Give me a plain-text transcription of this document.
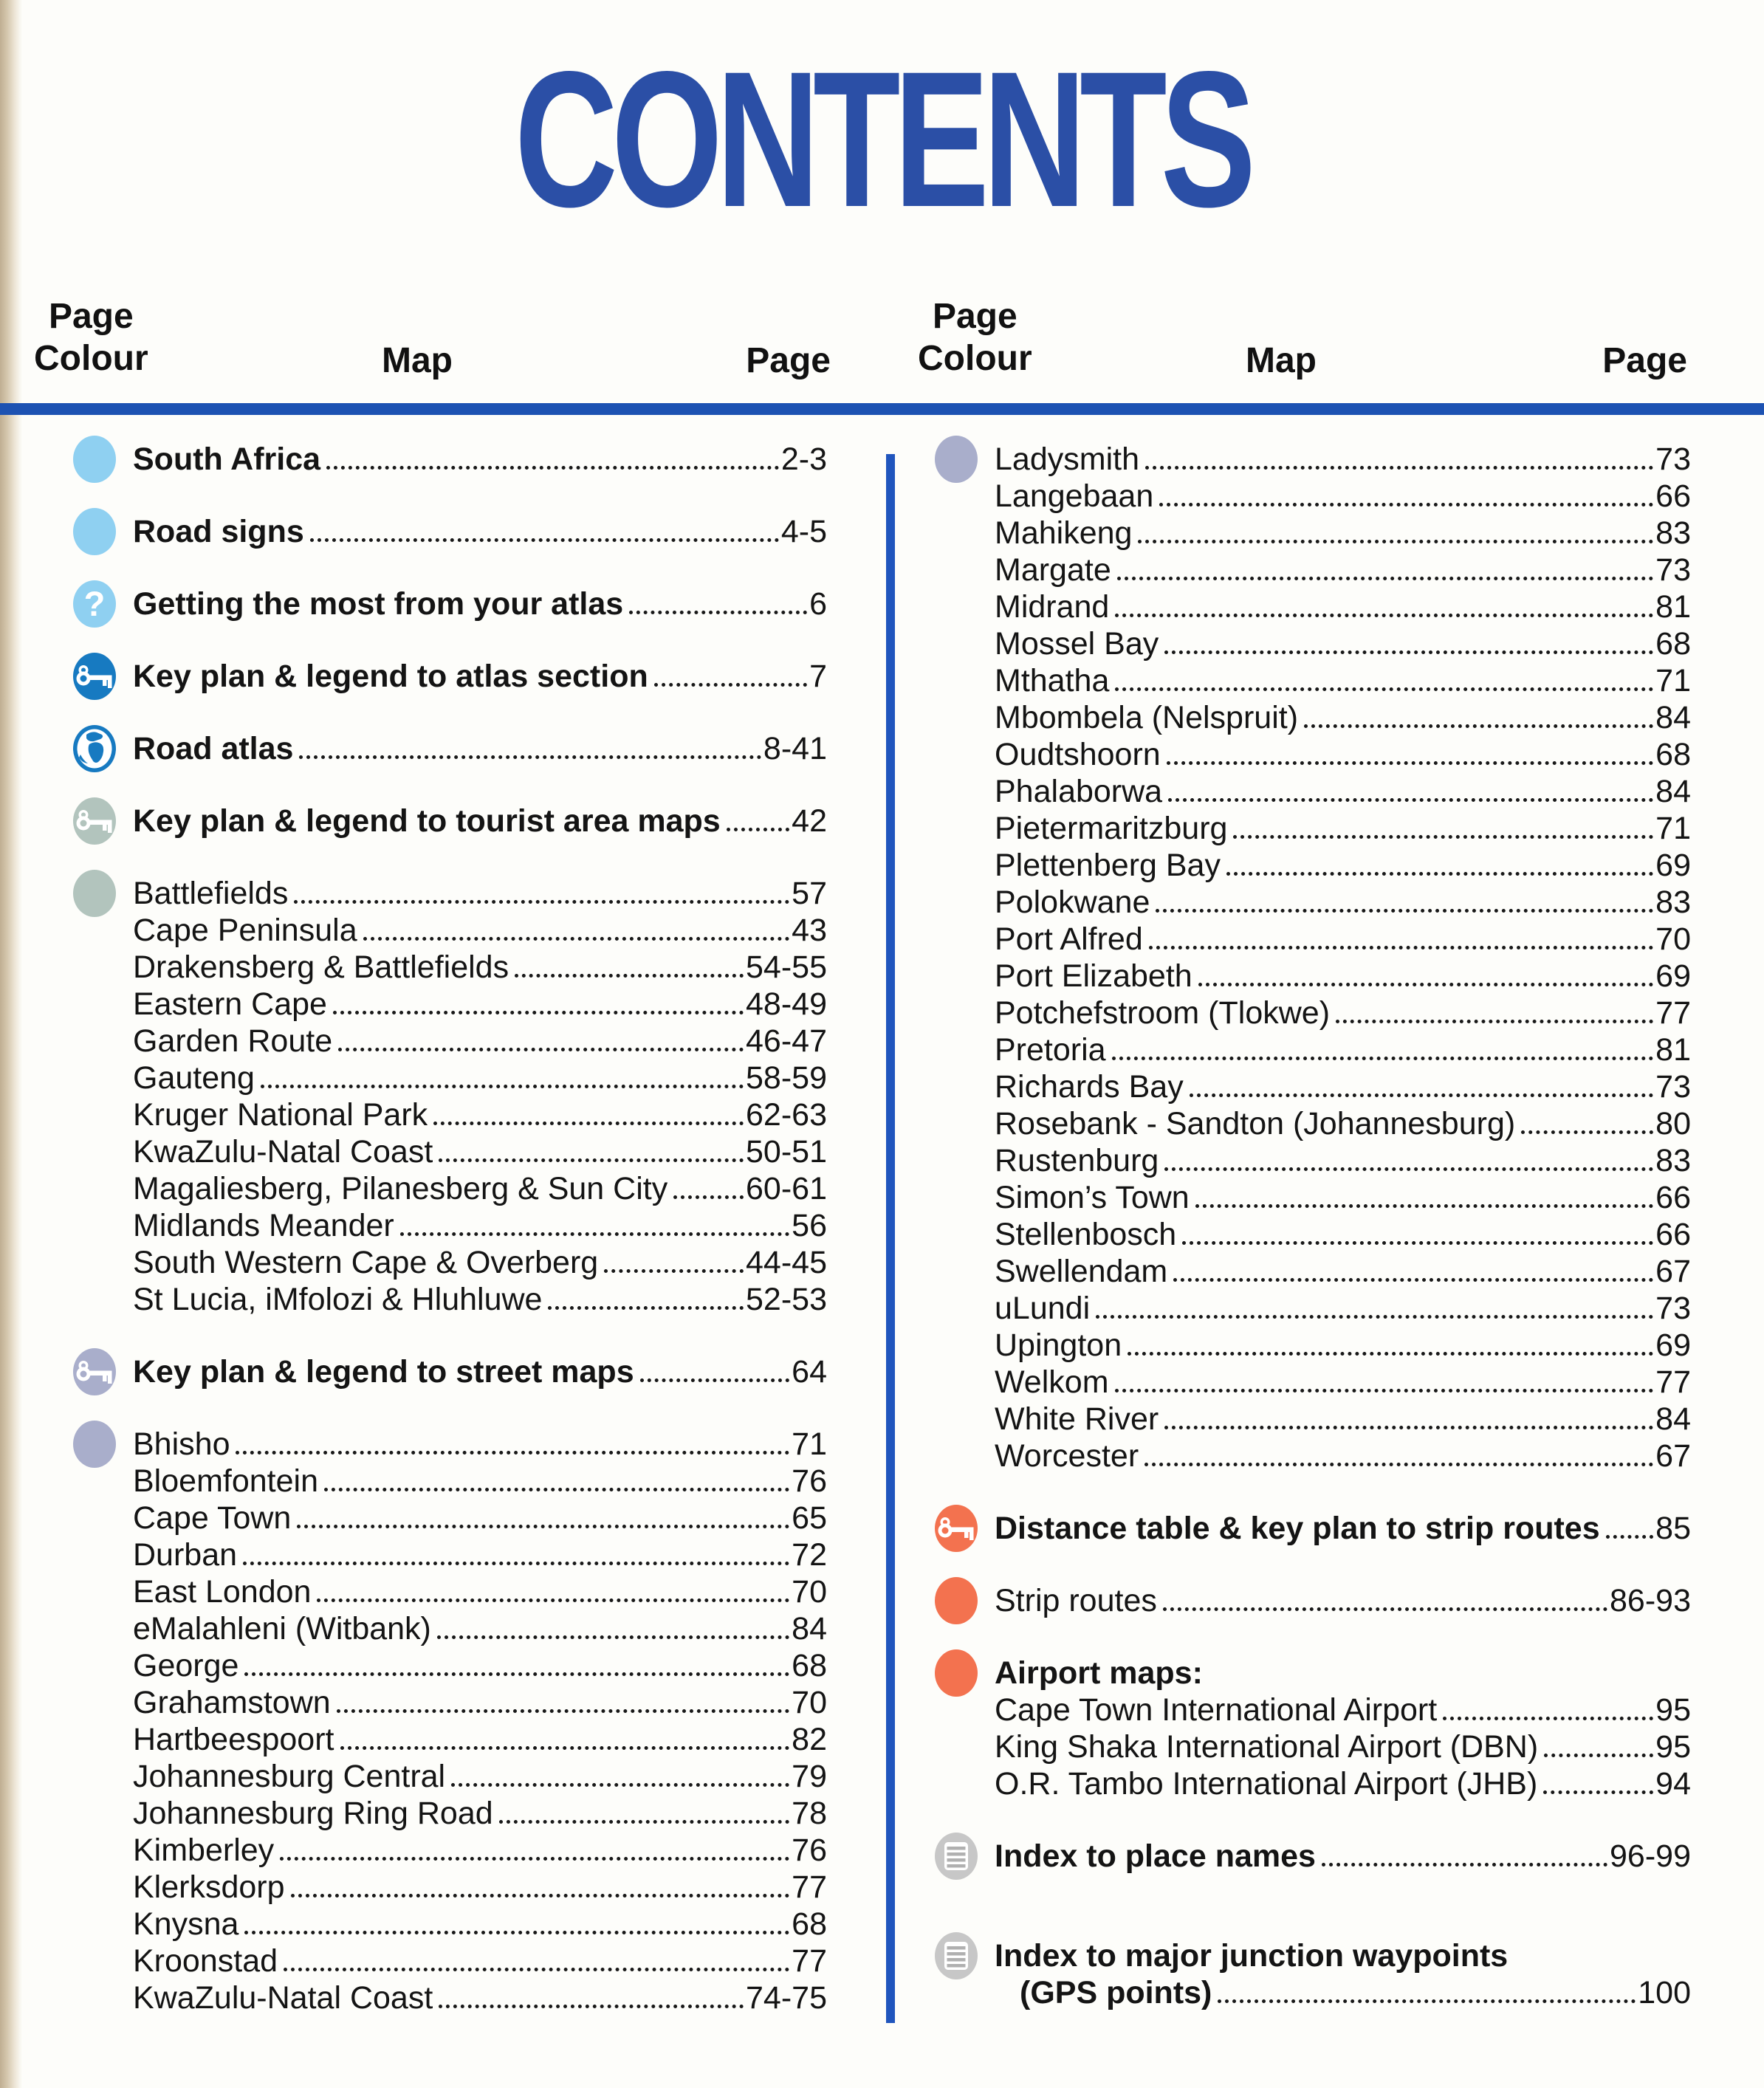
CONTENTS
Page
Colour	Map	Page
Page
Colour	Map	Page
South Africa	2-3
Road signs	4-5
? Getting the most from your atlas	6
Key plan & legend to atlas section	7
Road atlas	8-41
Key plan & legend to tourist area maps 42
Battlefields	57
Cape Peninsula	43
Drakensberg & Battlefields	54-55
Eastern Cape	48-49
Garden Route	46-47
Gauteng	58-59
Kruger National Park	62-63
KwaZulu-Natal Coast	50-51
Magaliesberg, Pilanesberg & Sun City 60-61
Midlands Meander	56
South Western Cape & Overberg	44-45
St Lucia, iMfolozi & Hluhluwe	52-53
Key plan & legend to street maps	64
Bhisho	71
Bloemfontein	76
Cape Town	65
Durban	72
East London	70
eMalahleni (Witbank)	84
George	68
Grahamstown	70
Hartbeespoort	82
Johannesburg Central	79
Johannesburg Ring Road	78
Kimberley	76
Klerksdorp	77
Knysna	68
Kroonstad	77
KwaZulu-Natal Coast	74-75
Ladysmith	73
Langebaan	66
Mahikeng	83
Margate	73
Midrand	81
Mossel Bay	68
Mthatha	71
Mbombela (Nelspruit)	84
Oudtshoorn	68
Phalaborwa	84
Pietermaritzburg	71
Plettenberg Bay	69
Polokwane	83
Port Alfred	70
Port Elizabeth	69
Potchefstroom (Tlokwe)	77
Pretoria	81
Richards Bay	73
Rosebank - Sandton (Johannesburg)	80
Rustenburg	83
Simon’s Town	66
Stellenbosch	66
Swellendam	67
uLundi	73
Upington	69
Welkom	77
White River	84
Worcester	67
Distance table & key plan to strip routes 85
Strip routes	86-93
Airport maps:
Cape Town International Airport	95
King Shaka International Airport (DBN)	95
O.R. Tambo International Airport (JHB)	94
Index to place names	96-99
Index to major junction waypoints
(GPS points)	100
